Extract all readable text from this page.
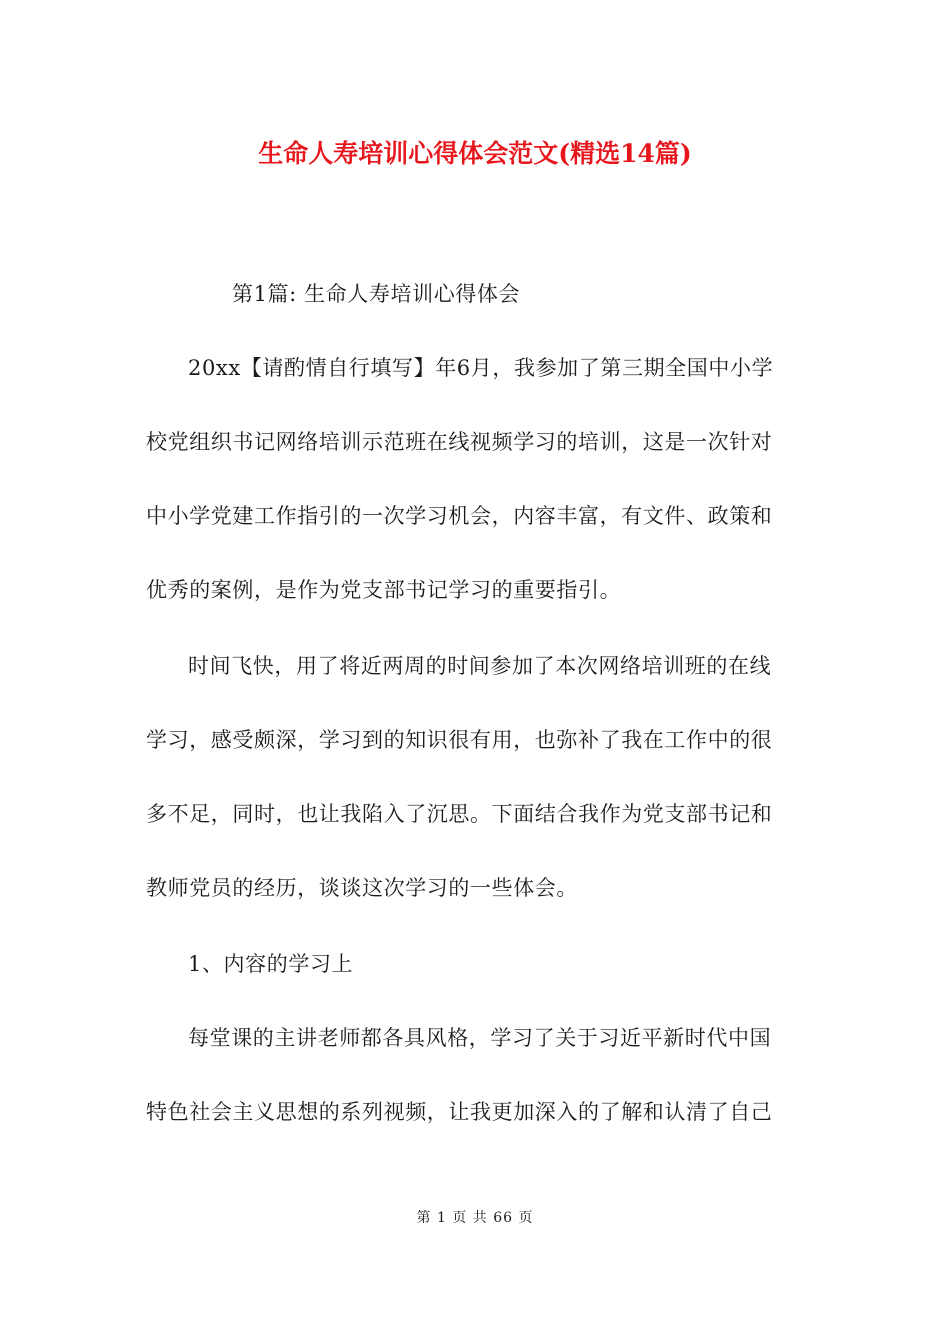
生命人寿培训心得体会范文(精选14篇)
第1篇: 生命人寿培训心得体会
20xx【请酌情自行填写】年6月，我参加了第三期全国中小学
校党组织书记网络培训示范班在线视频学习的培训，这是一次针对
中小学党建工作指引的一次学习机会，内容丰富，有文件、政策和
优秀的案例，是作为党支部书记学习的重要指引。
时间飞快，用了将近两周的时间参加了本次网络培训班的在线
学习，感受颇深，学习到的知识很有用，也弥补了我在工作中的很
多不足，同时，也让我陷入了沉思。下面结合我作为党支部书记和
教师党员的经历，谈谈这次学习的一些体会。
1、内容的学习上
每堂课的主讲老师都各具风格，学习了关于习近平新时代中国
特色社会主义思想的系列视频，让我更加深入的了解和认清了自己
第 1 页 共 66 页
